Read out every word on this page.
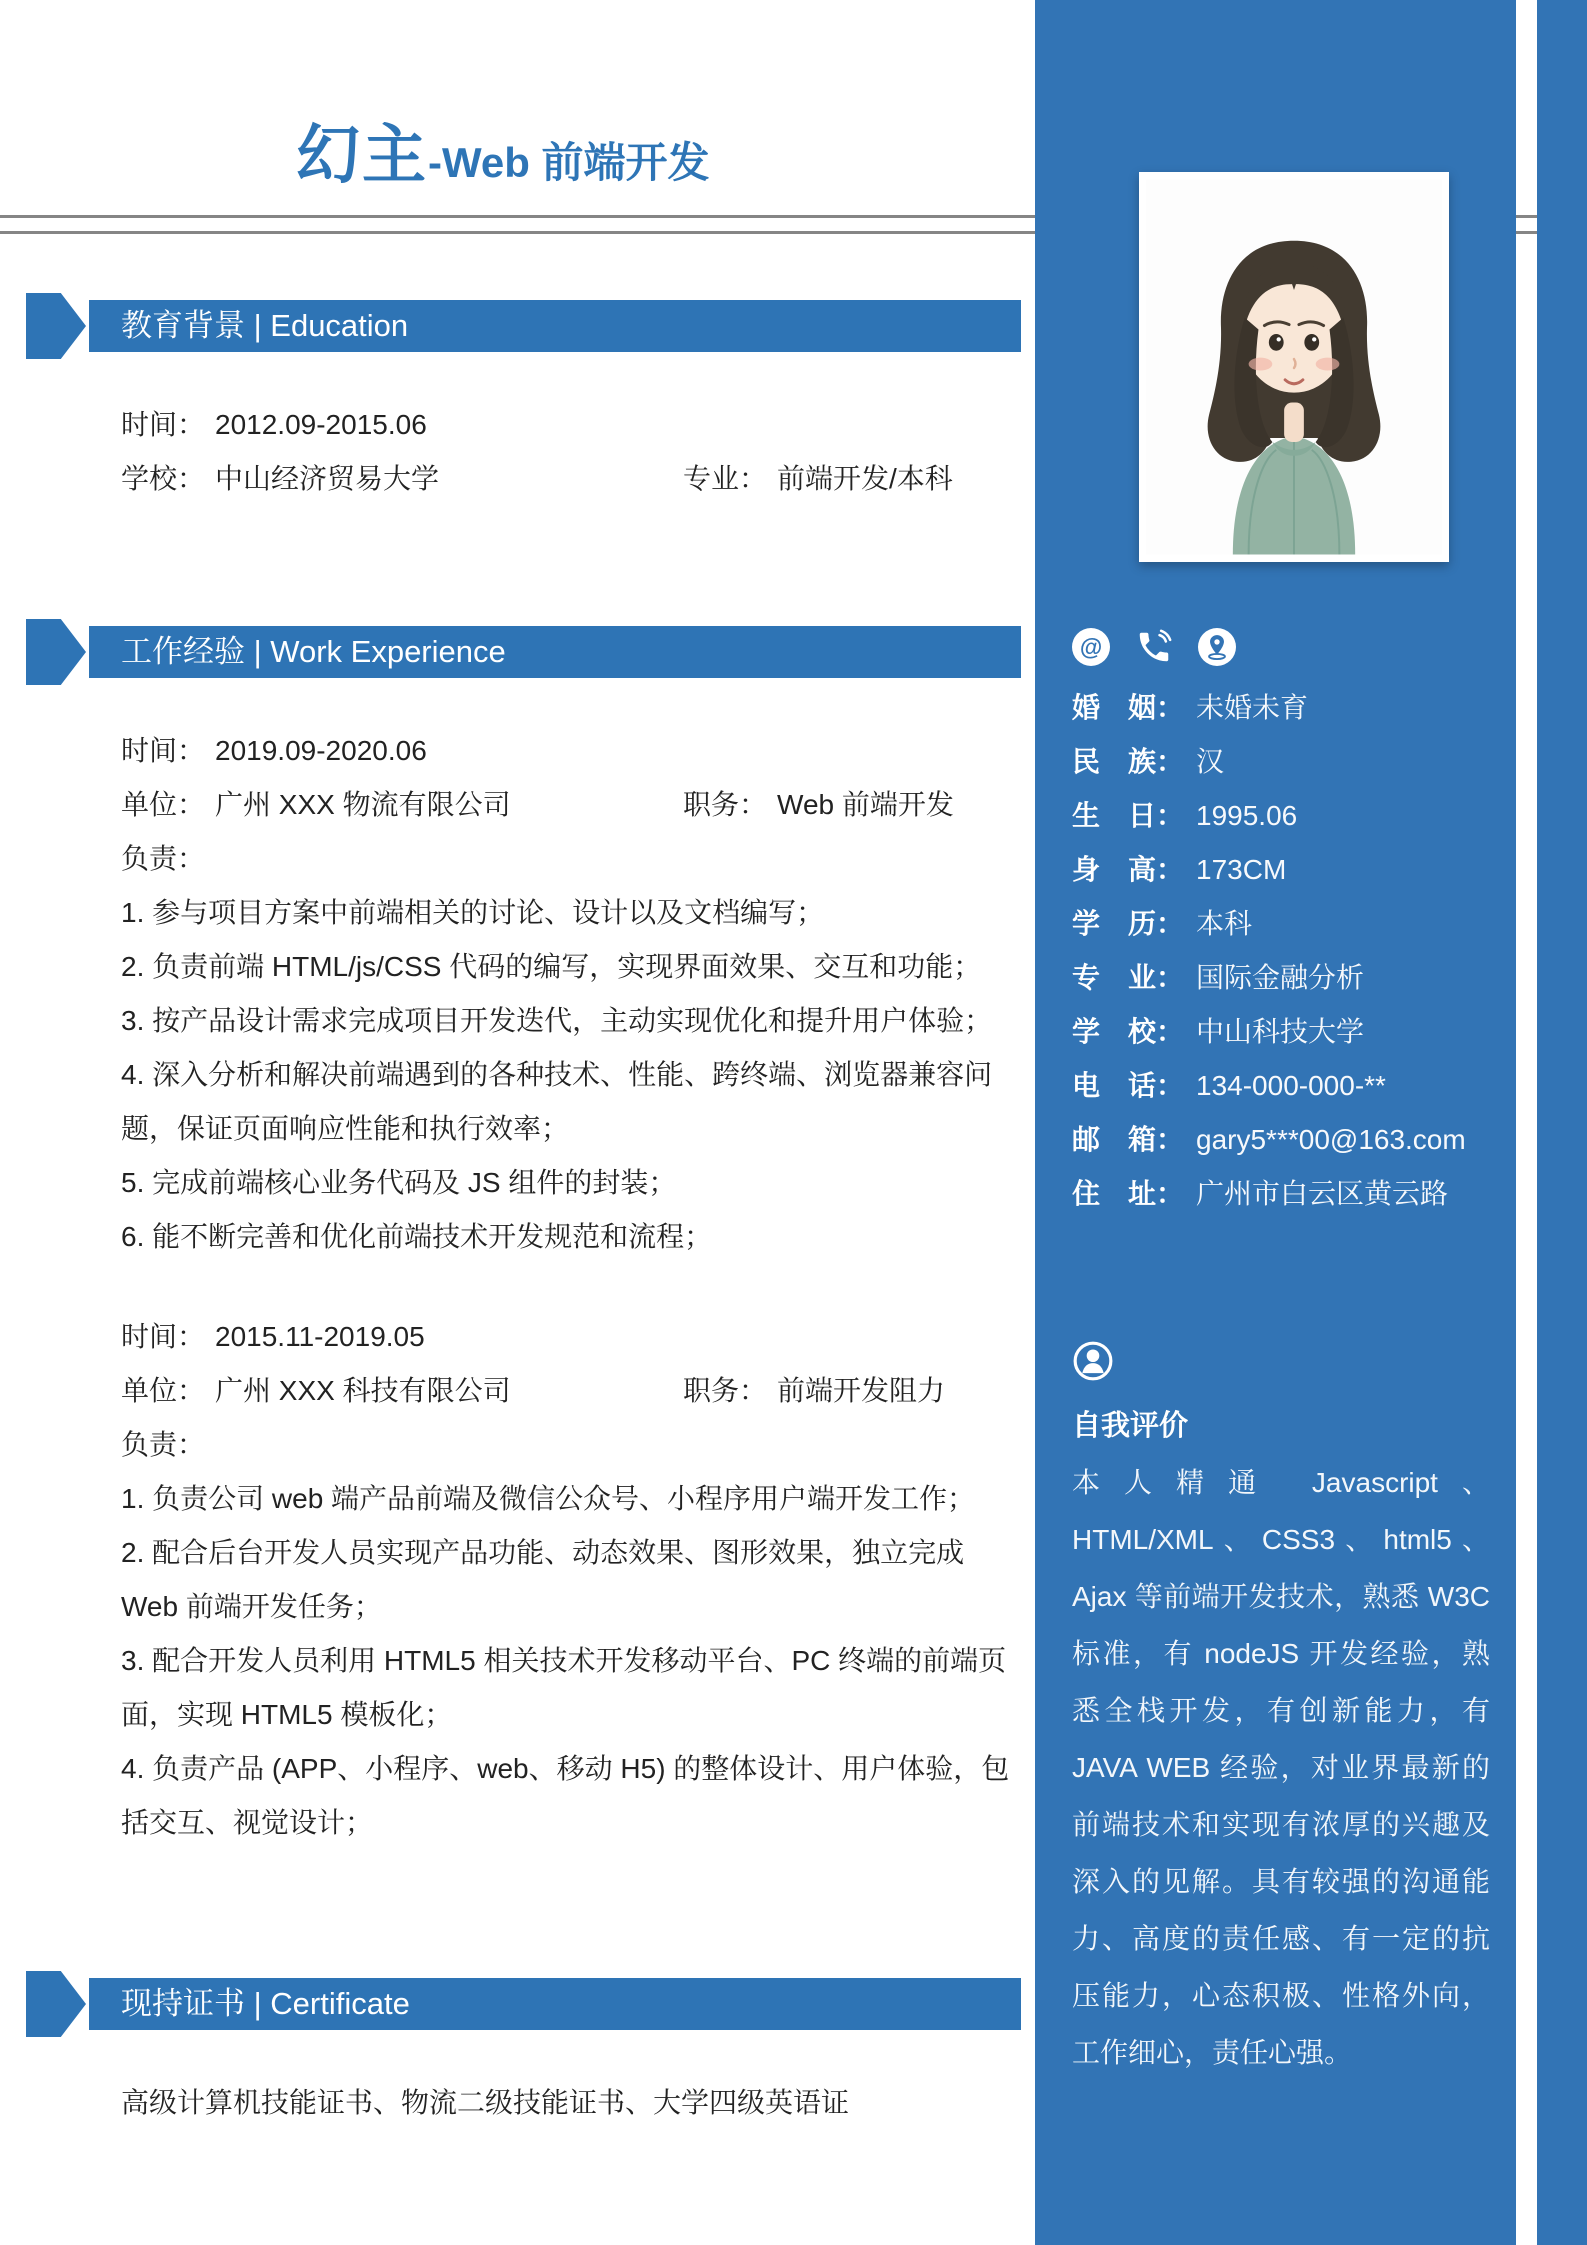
幻主-Web 前端开发
教育背景 | Education

时间： 2012.09-2015.06

学校： 中山经济贸易大学	专业： 前端开发/本科

工作经验 | Work Experience

时间： 2019.09-2020.06

单位： 广州 XXX 物流有限公司	职务： Web 前端开发

负责：

1. 参与项目方案中前端相关的讨论、设计以及文档编写；

2. 负责前端 HTML/js/CSS 代码的编写，实现界面效果、交互和功能；

3. 按产品设计需求完成项目开发迭代，主动实现优化和提升用户体验；

4. 深入分析和解决前端遇到的各种技术、性能、跨终端、浏览器兼容问题，保证页面响应性能和执行效率；

5. 完成前端核心业务代码及 JS 组件的封装；

6. 能不断完善和优化前端技术开发规范和流程；

时间： 2015.11-2019.05

单位： 广州 XXX 科技有限公司	职务： 前端开发阻力

负责：

1. 负责公司 web 端产品前端及微信公众号、小程序用户端开发工作；

2. 配合后台开发人员实现产品功能、动态效果、图形效果，独立完成 Web 前端开发任务；

3. 配合开发人员利用 HTML5 相关技术开发移动平台、PC 终端的前端页面，实现 HTML5 模板化；

4. 负责产品 (APP、小程序、web、移动 H5) 的整体设计、用户体验，包括交互、视觉设计；

现持证书 | Certificate

高级计算机技能证书、物流二级技能证书、大学四级英语证

@
婚　姻： 未婚未育
民　族： 汉
生　日： 1995.06
身　高： 173CM
学　历： 本科
专　业： 国际金融分析
学　校： 中山科技大学
电　话： 134-000-000-**
邮　箱： gary5***00@163.com
住　址： 广州市白云区黄云路
自我评价
本人精通 Javascript、HTML/XML、CSS3、html5、Ajax 等前端开发技术，熟悉 W3C 标准，有 nodeJS 开发经验，熟悉全栈开发，有创新能力，有 JAVA WEB 经验，对业界最新的前端技术和实现有浓厚的兴趣及深入的见解。具有较强的沟通能力、高度的责任感、有一定的抗压能力，心态积极、性格外向，工作细心，责任心强。
